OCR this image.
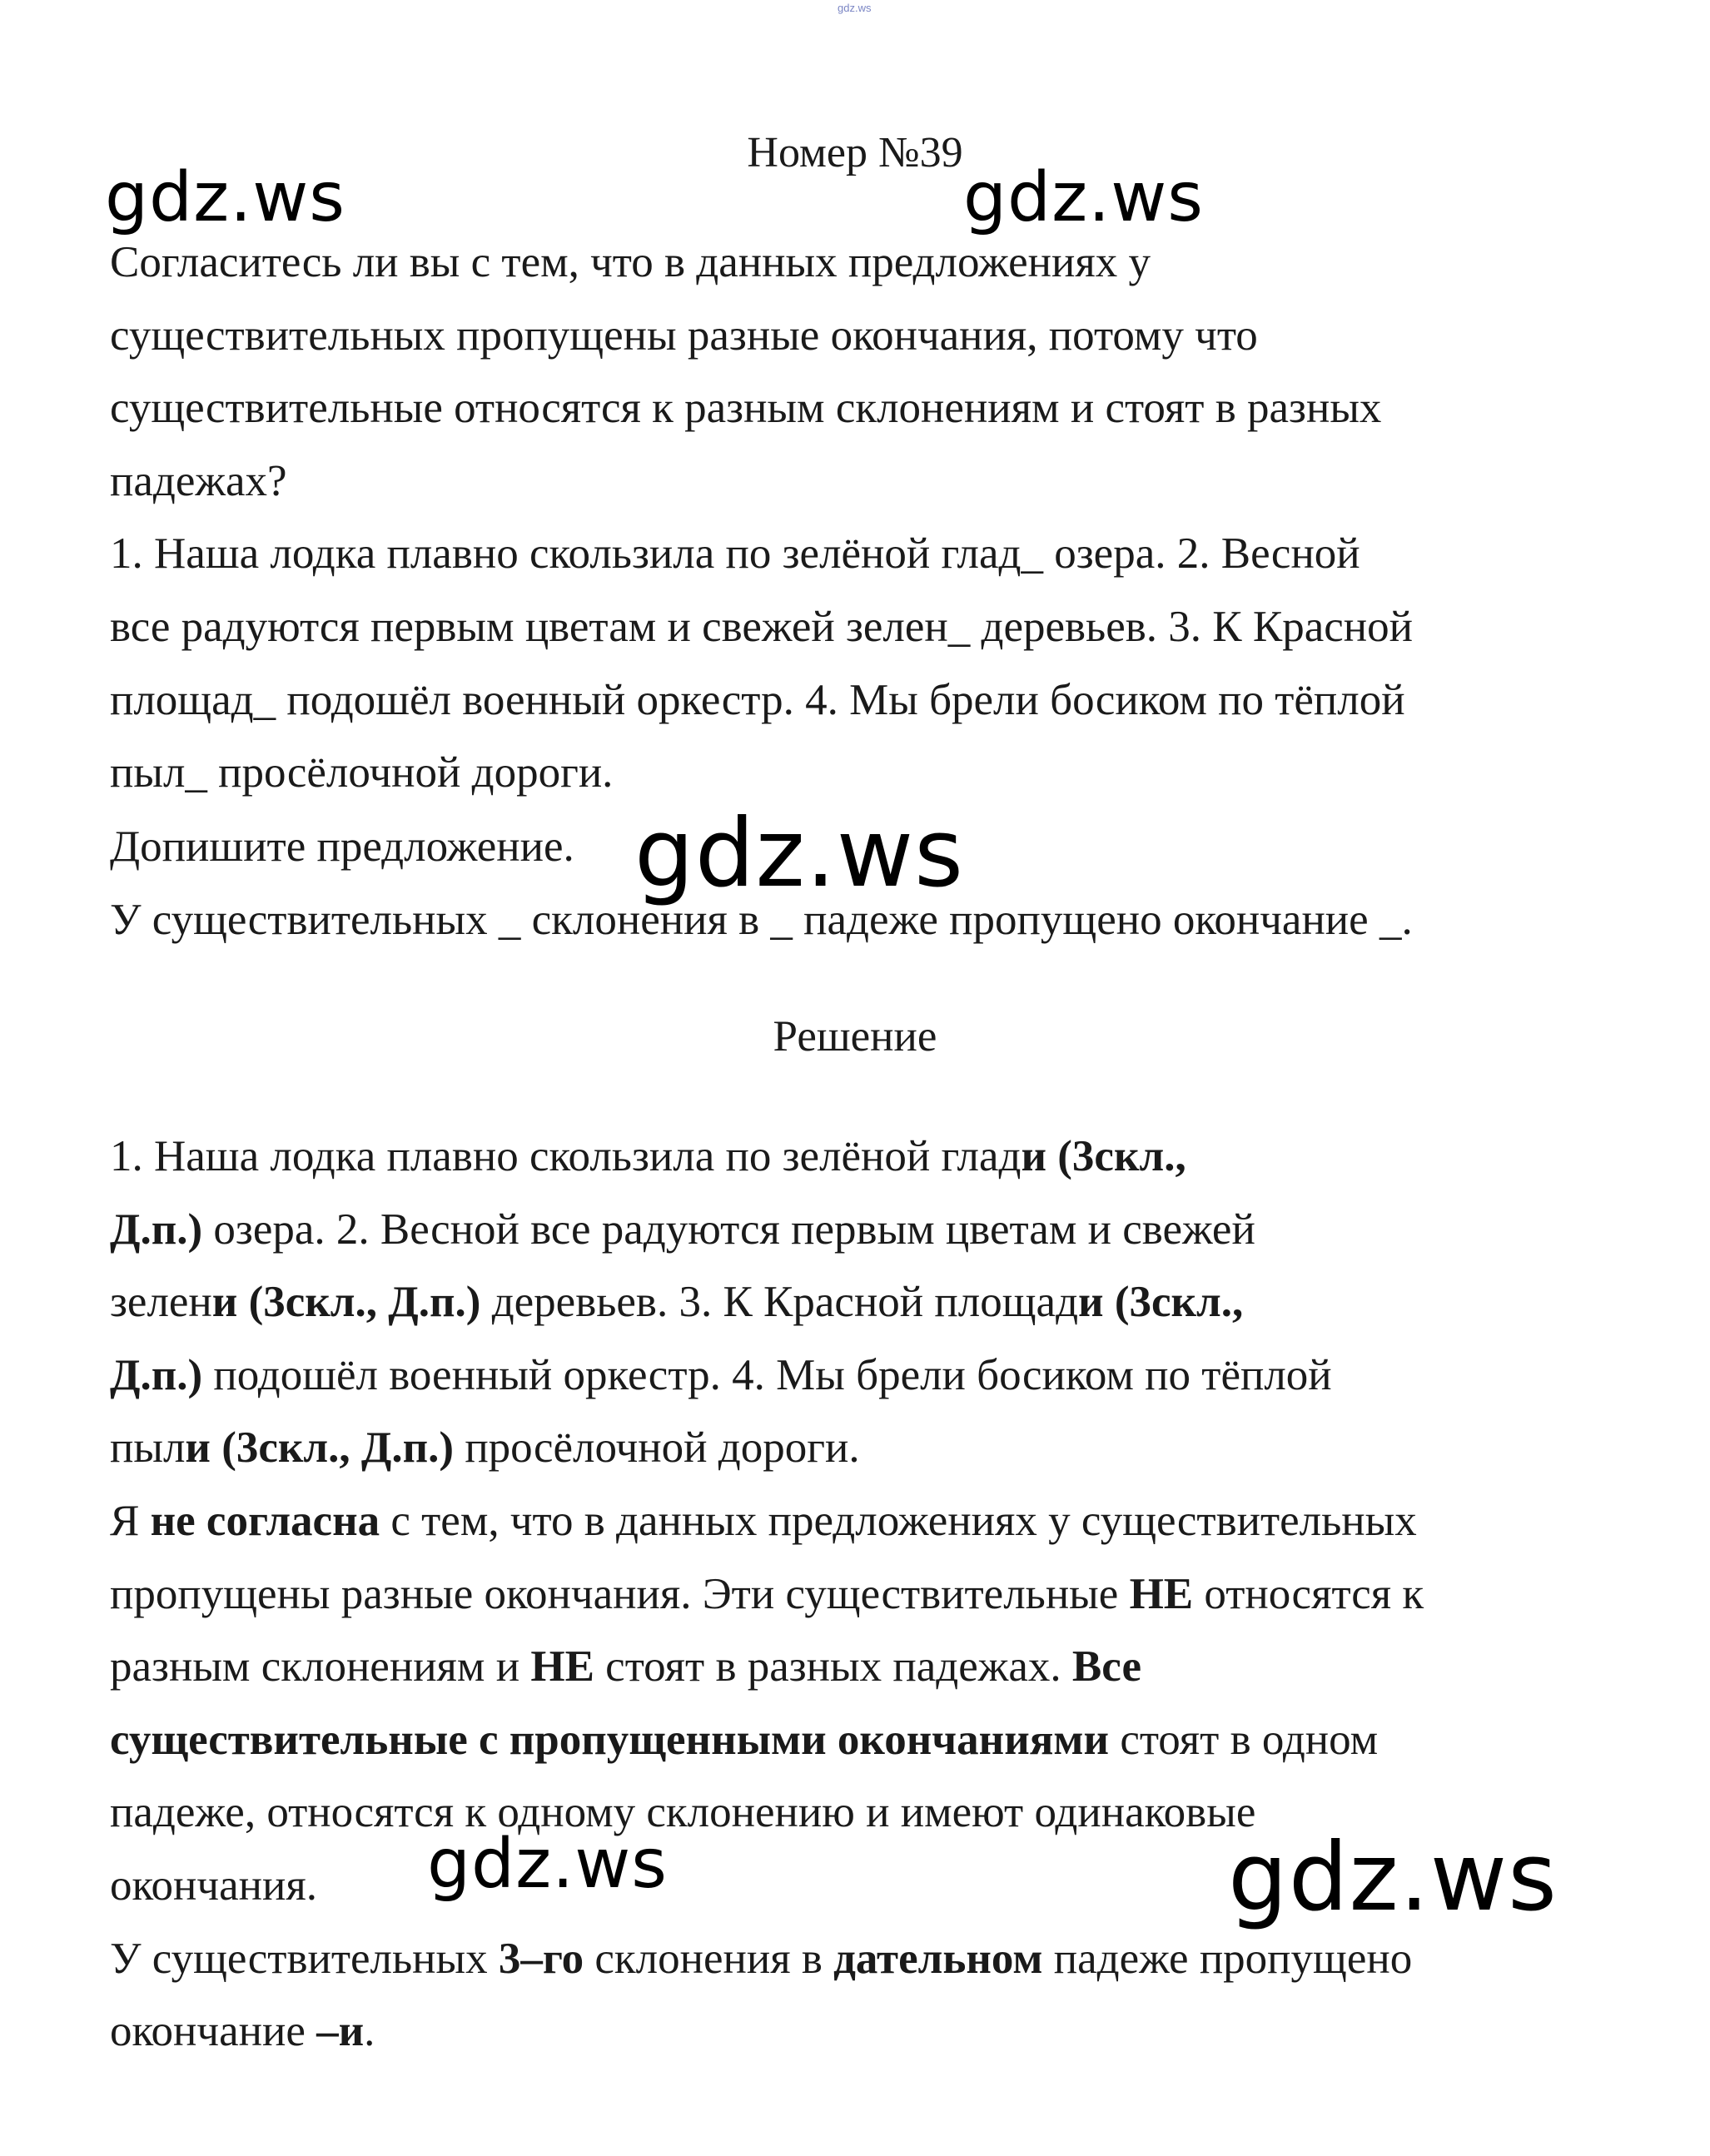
gdz.ws
Номер №39
Согласитесь ли вы с тем, что в данных предложениях у
существительных пропущены разные окончания, потому что
существительные относятся к разным склонениям и стоят в разных
падежах?
1. Наша лодка плавно скользила по зелёной глад_ озера. 2. Весной
все радуются первым цветам и свежей зелен_ деревьев. 3. К Красной
площад_ подошёл военный оркестр. 4. Мы брели босиком по тёплой
пыл_ просёлочной дороги.
Допишите предложение.
У существительных _ склонения в _ падеже пропущено окончание _.
Решение
1. Наша лодка плавно скользила по зелёной глади (3скл.,
Д.п.) озера. 2. Весной все радуются первым цветам и свежей
зелени (3скл., Д.п.) деревьев. 3. К Красной площади (3скл.,
Д.п.) подошёл военный оркестр. 4. Мы брели босиком по тёплой
пыли (3скл., Д.п.) просёлочной дороги.
Я не согласна с тем, что в данных предложениях у существительных
пропущены разные окончания. Эти существительные НЕ относятся к
разным склонениям и НЕ стоят в разных падежах. Все
существительные с пропущенными окончаниями стоят в одном
падеже, относятся к одному склонению и имеют одинаковые
окончания.
У существительных 3–го склонения в дательном падеже пропущено
окончание –и.
gdz.ws	gdz.ws
gdz.ws
gdz.ws	gdz.ws
